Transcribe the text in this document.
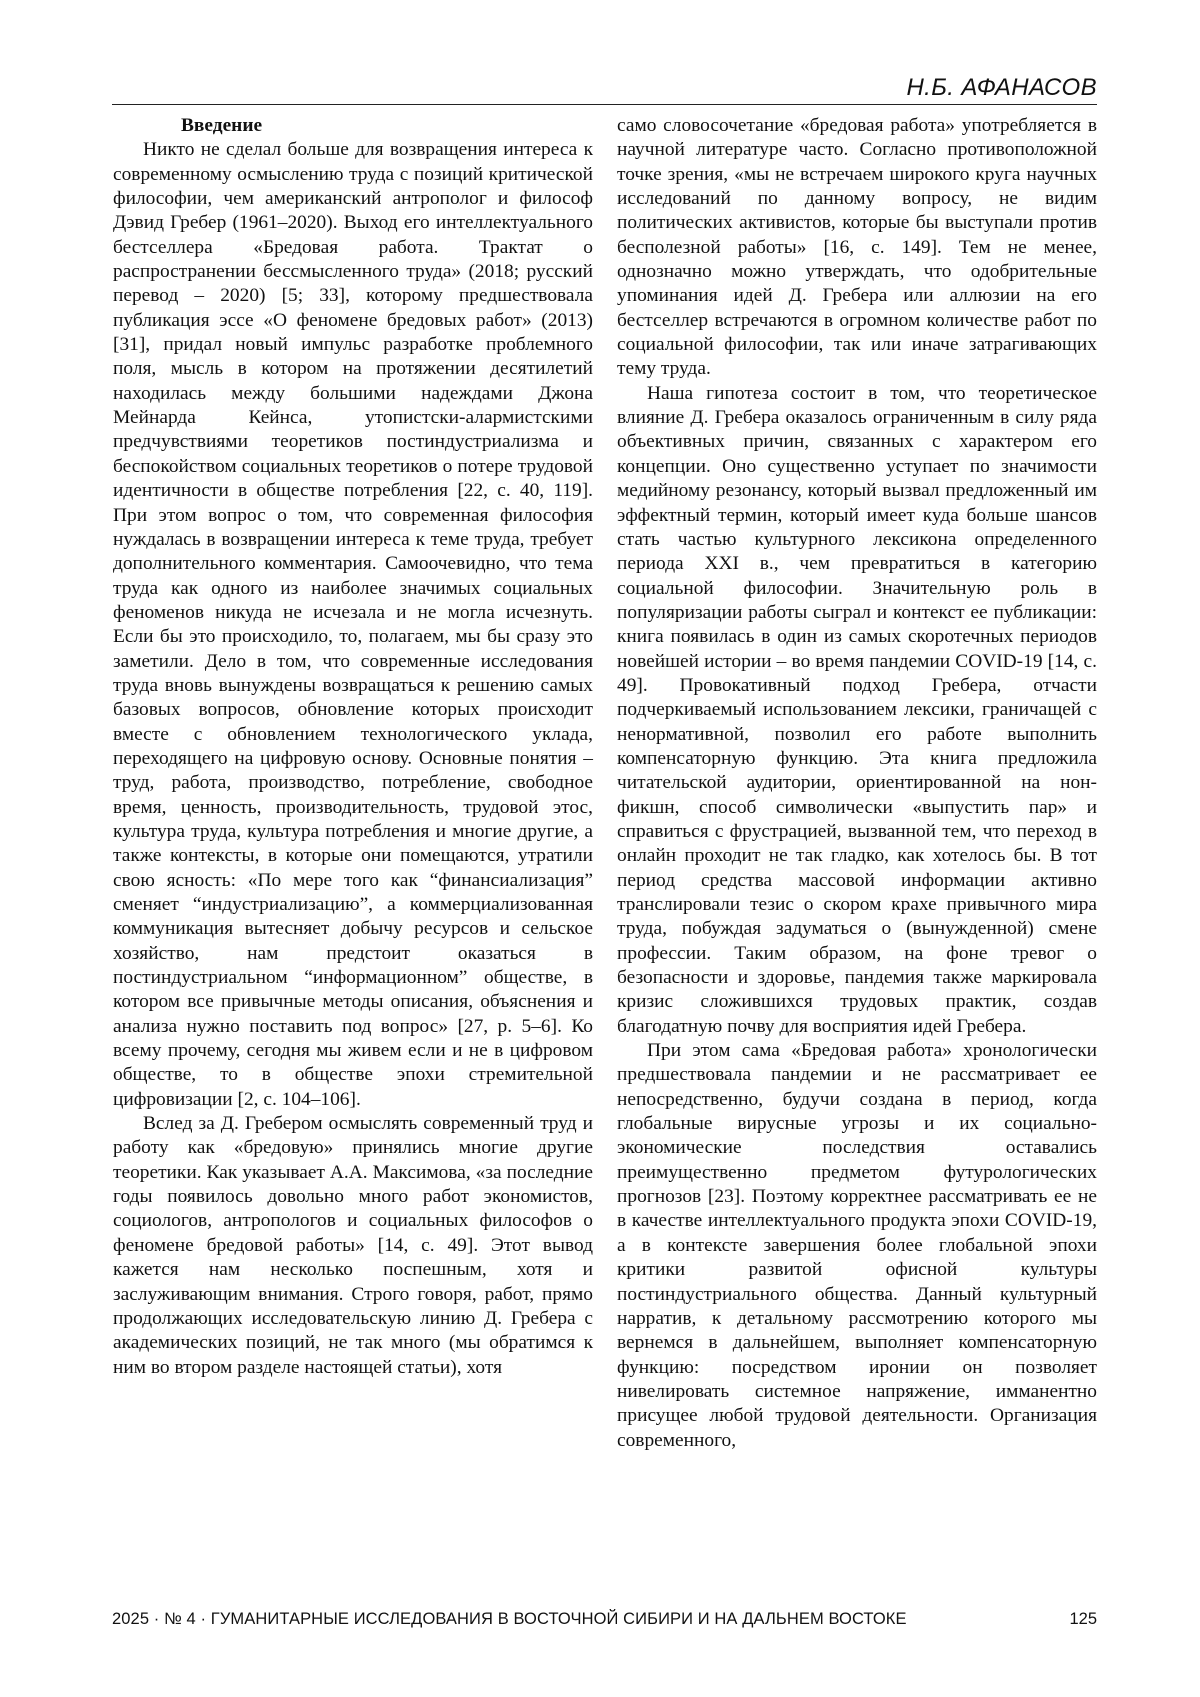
Н.Б. АФАНАСОВ

Введение

Никто не сделал больше для возвращения интереса к современному осмыслению труда с позиций критической философии, чем американский антрополог и философ Дэвид Гребер (1961–2020). Выход его интеллектуального бестселлера «Бредовая работа. Трактат о распространении бессмысленного труда» (2018; русский перевод – 2020) [5; 33], которому предшествовала публикация эссе «О феномене бредовых работ» (2013) [31], придал новый импульс разработке проблемного поля, мысль в котором на протяжении десятилетий находилась между большими надеждами Джона Мейнарда Кейнса, утопистски-алармистскими предчувствиями теоретиков постиндустриализма и беспокойством социальных теоретиков о потере трудовой идентичности в обществе потребления [22, с. 40, 119]. При этом вопрос о том, что современная философия нуждалась в возвращении интереса к теме труда, требует дополнительного комментария. Самоочевидно, что тема труда как одного из наиболее значимых социальных феноменов никуда не исчезала и не могла исчезнуть. Если бы это происходило, то, полагаем, мы бы сразу это заметили. Дело в том, что современные исследования труда вновь вынуждены возвращаться к решению самых базовых вопросов, обновление которых происходит вместе с обновлением технологического уклада, переходящего на цифровую основу. Основные понятия – труд, работа, производство, потребление, свободное время, ценность, производительность, трудовой этос, культура труда, культура потребления и многие другие, а также контексты, в которые они помещаются, утратили свою ясность: «По мере того как “финансиализация” сменяет “индустриализацию”, а коммерциализованная коммуникация вытесняет добычу ресурсов и сельское хозяйство, нам предстоит оказаться в постиндустриальном “информационном” обществе, в котором все привычные методы описания, объяснения и анализа нужно поставить под вопрос» [27, p. 5–6]. Ко всему прочему, сегодня мы живем если и не в цифровом обществе, то в обществе эпохи стремительной цифровизации [2, с. 104–106].

Вслед за Д. Гребером осмыслять современный труд и работу как «бредовую» принялись многие другие теоретики. Как указывает А.А. Максимова, «за последние годы появилось довольно много работ экономистов, социологов, антропологов и социальных философов о феномене бредовой работы» [14, с. 49]. Этот вывод кажется нам несколько поспешным, хотя и заслуживающим внимания. Строго говоря, работ, прямо продолжающих исследовательскую линию Д. Гребера с академических позиций, не так много (мы обратимся к ним во втором разделе настоящей статьи), хотя

само словосочетание «бредовая работа» употребляется в научной литературе часто. Согласно противоположной точке зрения, «мы не встречаем широкого круга научных исследований по данному вопросу, не видим политических активистов, которые бы выступали против бесполезной работы» [16, с. 149]. Тем не менее, однозначно можно утверждать, что одобрительные упоминания идей Д. Гребера или аллюзии на его бестселлер встречаются в огромном количестве работ по социальной философии, так или иначе затрагивающих тему труда.

Наша гипотеза состоит в том, что теоретическое влияние Д. Гребера оказалось ограниченным в силу ряда объективных причин, связанных с характером его концепции. Оно существенно уступает по значимости медийному резонансу, который вызвал предложенный им эффектный термин, который имеет куда больше шансов стать частью культурного лексикона определенного периода XXI в., чем превратиться в категорию социальной философии. Значительную роль в популяризации работы сыграл и контекст ее публикации: книга появилась в один из самых скоротечных периодов новейшей истории – во время пандемии COVID-19 [14, с. 49]. Провокативный подход Гребера, отчасти подчеркиваемый использованием лексики, граничащей с ненормативной, позволил его работе выполнить компенсаторную функцию. Эта книга предложила читательской аудитории, ориентированной на нон-фикшн, способ символически «выпустить пар» и справиться с фрустрацией, вызванной тем, что переход в онлайн проходит не так гладко, как хотелось бы. В тот период средства массовой информации активно транслировали тезис о скором крахе привычного мира труда, побуждая задуматься о (вынужденной) смене профессии. Таким образом, на фоне тревог о безопасности и здоровье, пандемия также маркировала кризис сложившихся трудовых практик, создав благодатную почву для восприятия идей Гребера.

При этом сама «Бредовая работа» хронологически предшествовала пандемии и не рассматривает ее непосредственно, будучи создана в период, когда глобальные вирусные угрозы и их социально-экономические последствия оставались преимущественно предметом футурологических прогнозов [23]. Поэтому корректнее рассматривать ее не в качестве интеллектуального продукта эпохи COVID-19, а в контексте завершения более глобальной эпохи критики развитой офисной культуры постиндустриального общества. Данный культурный нарратив, к детальному рассмотрению которого мы вернемся в дальнейшем, выполняет компенсаторную функцию: посредством иронии он позволяет нивелировать системное напряжение, имманентно присущее любой трудовой деятельности. Организация современного,

2025 · № 4 · ГУМАНИТАРНЫЕ ИССЛЕДОВАНИЯ В ВОСТОЧНОЙ СИБИРИ И НА ДАЛЬНЕМ ВОСТОКЕ	125
